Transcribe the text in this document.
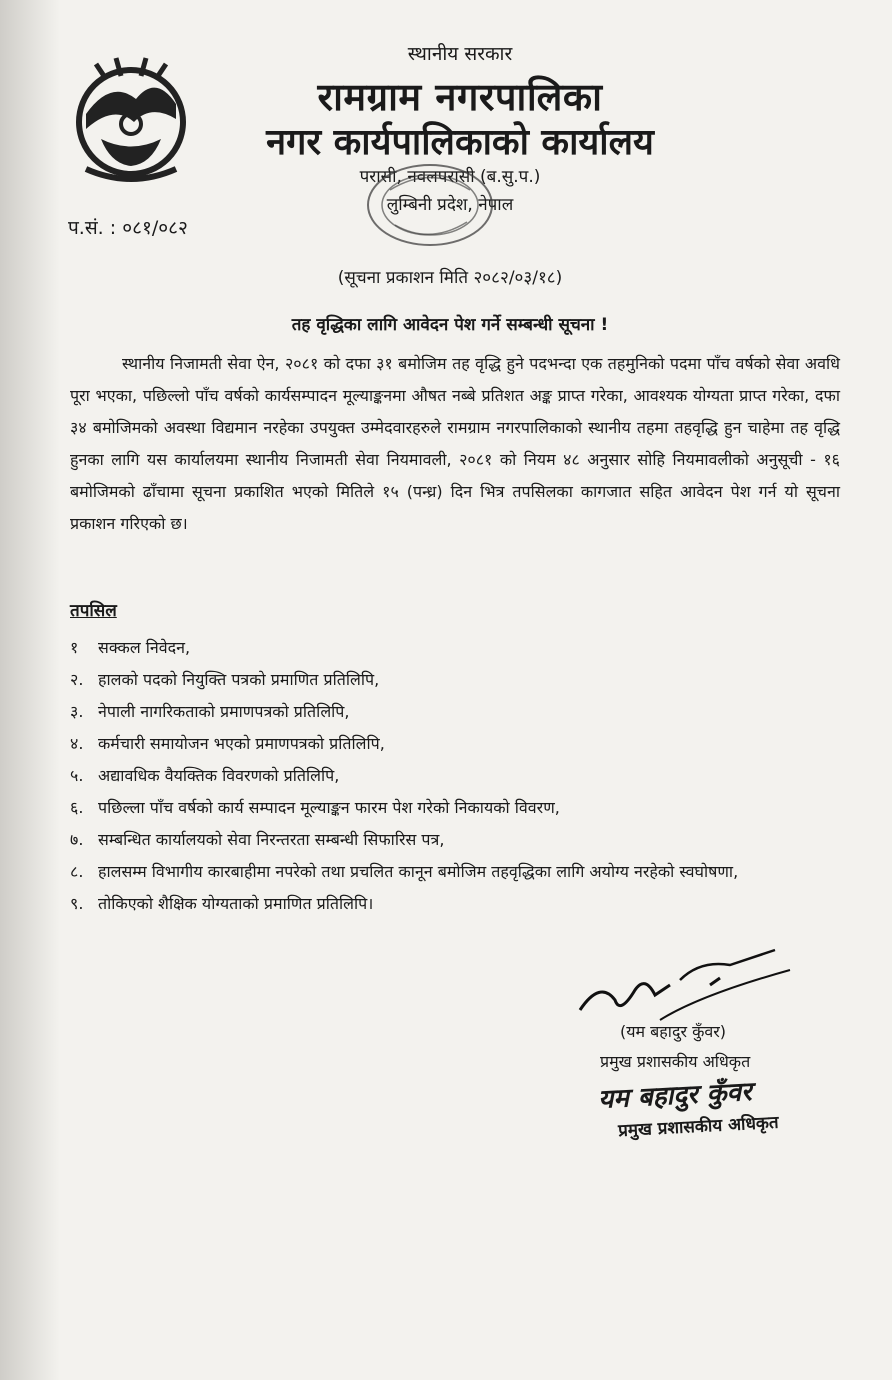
स्थानीय सरकार
रामग्राम नगरपालिका
नगर कार्यपालिकाको कार्यालय
परासी, नवलपरासी (ब.सु.प.)
लुम्बिनी प्रदेश, नेपाल
प.सं. : ०८१/०८२
(सूचना प्रकाशन मिति २०८२/०३/१८)
तह वृद्धिका लागि आवेदन पेश गर्ने सम्बन्धी सूचना !
स्थानीय निजामती सेवा ऐन, २०८१ को दफा ३१ बमोजिम तह वृद्धि हुने पदभन्दा एक तहमुनिको पदमा पाँच वर्षको सेवा अवधि पूरा भएका, पछिल्लो पाँच वर्षको कार्यसम्पादन मूल्याङ्कनमा औषत नब्बे प्रतिशत अङ्क प्राप्त गरेका, आवश्यक योग्यता प्राप्त गरेका, दफा ३४ बमोजिमको अवस्था विद्यमान नरहेका उपयुक्त उम्मेदवारहरुले रामग्राम नगरपालिकाको स्थानीय तहमा तहवृद्धि हुन चाहेमा तह वृद्धि हुनका लागि यस कार्यालयमा स्थानीय निजामती सेवा नियमावली, २०८१ को नियम ४८ अनुसार सोहि नियमावलीको अनुसूची - १६ बमोजिमको ढाँचामा सूचना प्रकाशित भएको मितिले १५ (पन्ध्र) दिन भित्र तपसिलका कागजात सहित आवेदन पेश गर्न यो सूचना प्रकाशन गरिएको छ।
तपसिल
१ सक्कल निवेदन,
२. हालको पदको नियुक्ति पत्रको प्रमाणित प्रतिलिपि,
३. नेपाली नागरिकताको प्रमाणपत्रको प्रतिलिपि,
४. कर्मचारी समायोजन भएको प्रमाणपत्रको प्रतिलिपि,
५. अद्यावधिक वैयक्तिक विवरणको प्रतिलिपि,
६. पछिल्ला पाँच वर्षको कार्य सम्पादन मूल्याङ्कन फारम पेश गरेको निकायको विवरण,
७. सम्बन्धित कार्यालयको सेवा निरन्तरता सम्बन्धी सिफारिस पत्र,
८. हालसम्म विभागीय कारबाहीमा नपरेको तथा प्रचलित कानून बमोजिम तहवृद्धिका लागि अयोग्य नरहेको स्वघोषणा,
९. तोकिएको शैक्षिक योग्यताको प्रमाणित प्रतिलिपि।
(यम बहादुर कुँवर)
प्रमुख प्रशासकीय अधिकृत
यम बहादुर कुँवर
प्रमुख प्रशासकीय अधिकृत
